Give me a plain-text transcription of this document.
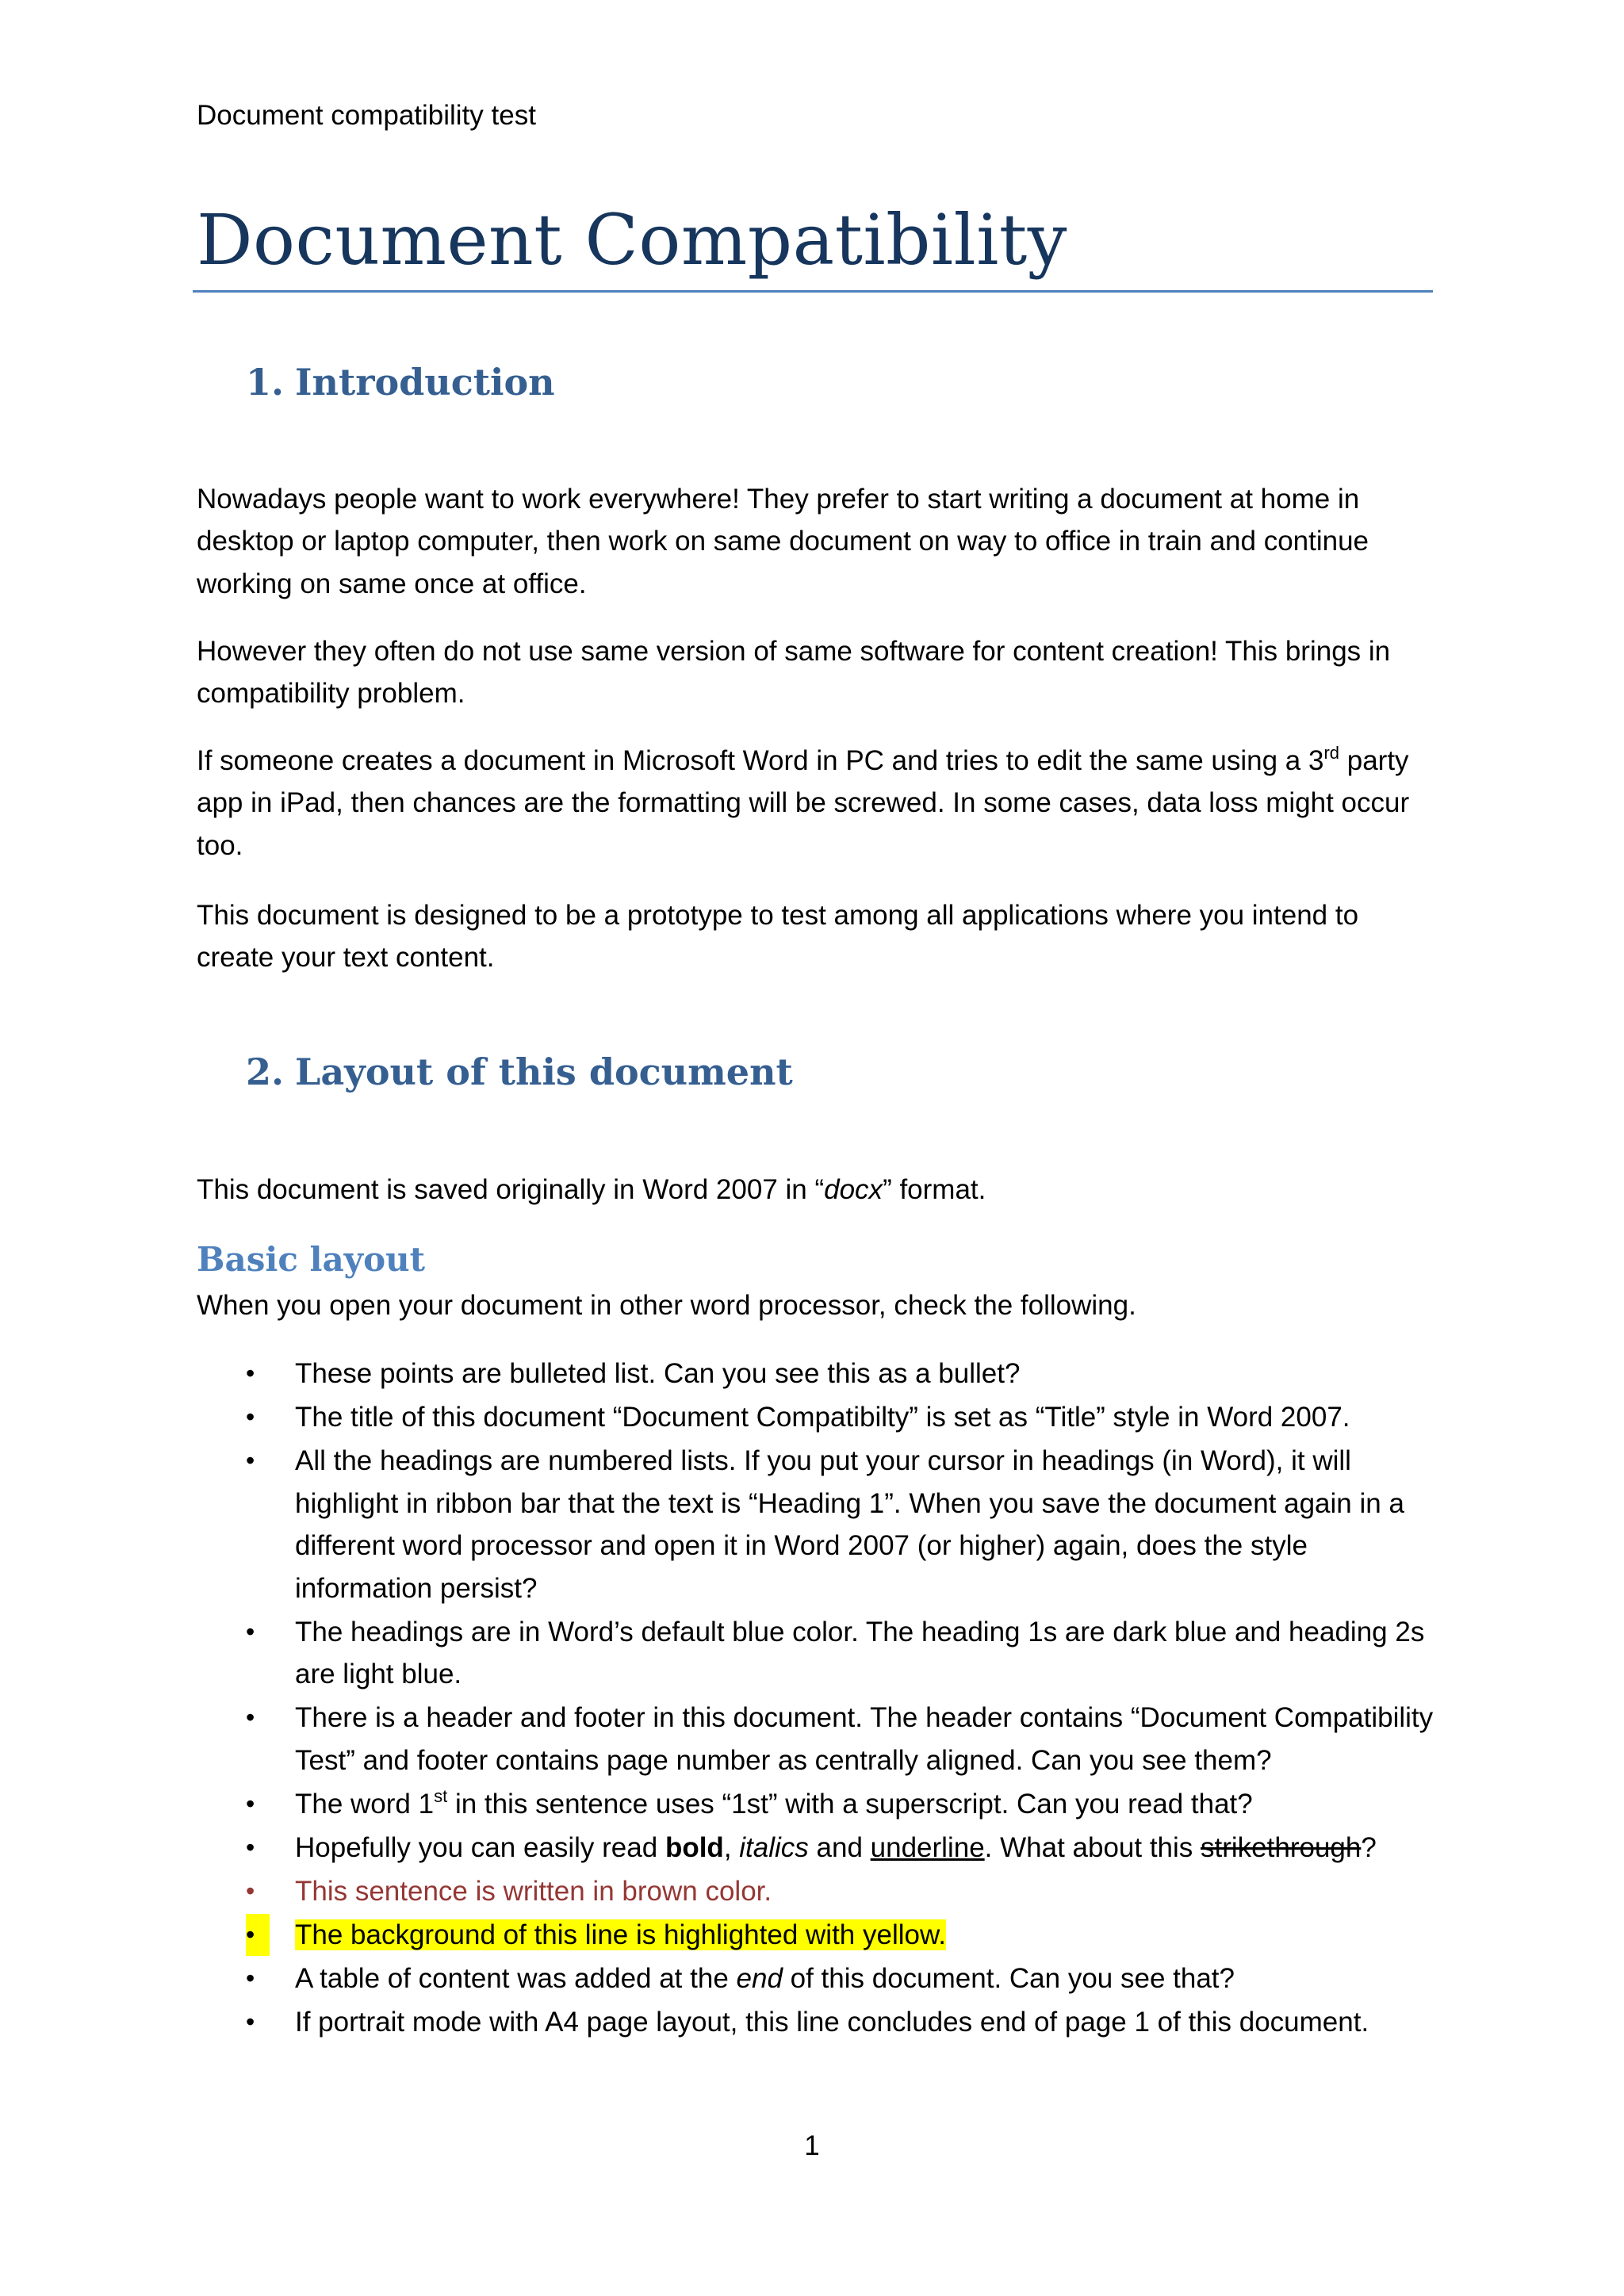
Document compatibility test
Document Compatibility
1. Introduction

Nowadays people want to work everywhere! They prefer to start writing a document at home in desktop or laptop computer, then work on same document on way to office in train and continue working on same once at office.

However they often do not use same version of same software for content creation! This brings in compatibility problem.

If someone creates a document in Microsoft Word in PC and tries to edit the same using a 3rd party app in iPad, then chances are the formatting will be screwed. In some cases, data loss might occur too.

This document is designed to be a prototype to test among all applications where you intend to create your text content.

2. Layout of this document

This document is saved originally in Word 2007 in “docx” format.

Basic layout

When you open your document in other word processor, check the following.

•	These points are bulleted list. Can you see this as a bullet?
•	The title of this document “Document Compatibilty” is set as “Title” style in Word 2007.
•	All the headings are numbered lists. If you put your cursor in headings (in Word), it will highlight in ribbon bar that the text is “Heading 1”. When you save the document again in a different word processor and open it in Word 2007 (or higher) again, does the style information persist?
•	The headings are in Word’s default blue color. The heading 1s are dark blue and heading 2s are light blue.
•	There is a header and footer in this document. The header contains “Document Compatibility Test” and footer contains page number as centrally aligned. Can you see them?
•	The word 1st in this sentence uses “1st” with a superscript. Can you read that?
•	Hopefully you can easily read bold, italics and underline. What about this strikethrough?
•	This sentence is written in brown color.
•	The background of this line is highlighted with yellow.
•	A table of content was added at the end of this document. Can you see that?
•	If portrait mode with A4 page layout, this line concludes end of page 1 of this document.
1
